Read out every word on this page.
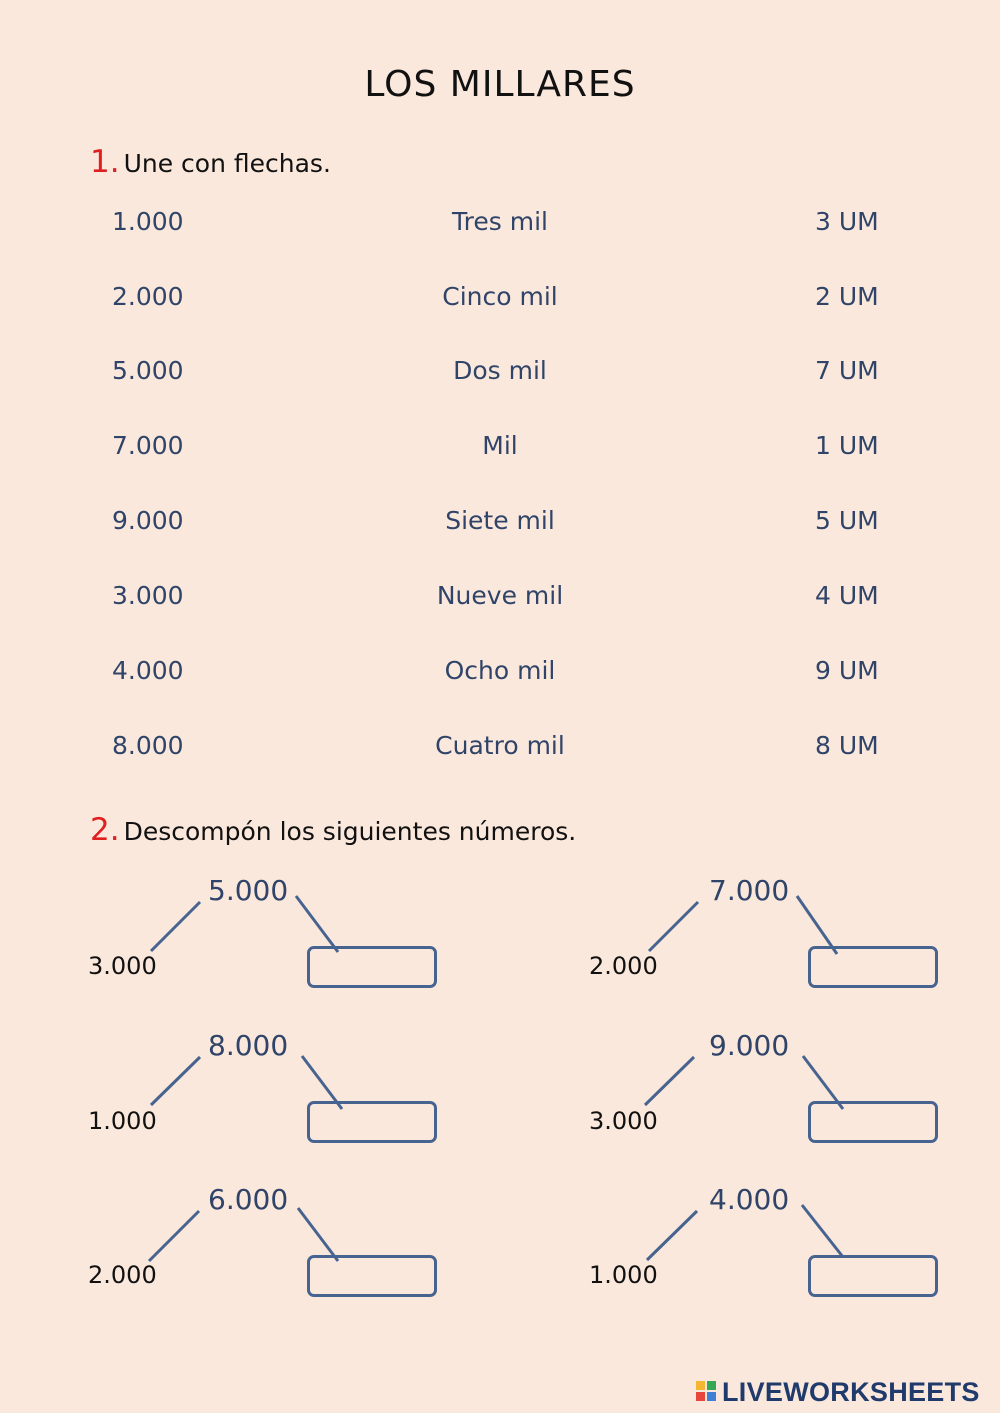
LOS MILLARES
1. Une con flechas.
1.000	Tres mil	3 UM
2.000	Cinco mil	2 UM
5.000	Dos mil	7 UM
7.000	Mil	1 UM
9.000	Siete mil	5 UM
3.000	Nueve mil	4 UM
4.000	Ocho mil	9 UM
8.000	Cuatro mil	8 UM
2. Descompón los siguientes números.
5.000
3.000
7.000
2.000
8.000
1.000
9.000
3.000
6.000
2.000
4.000
1.000
LIVEWORKSHEETS
